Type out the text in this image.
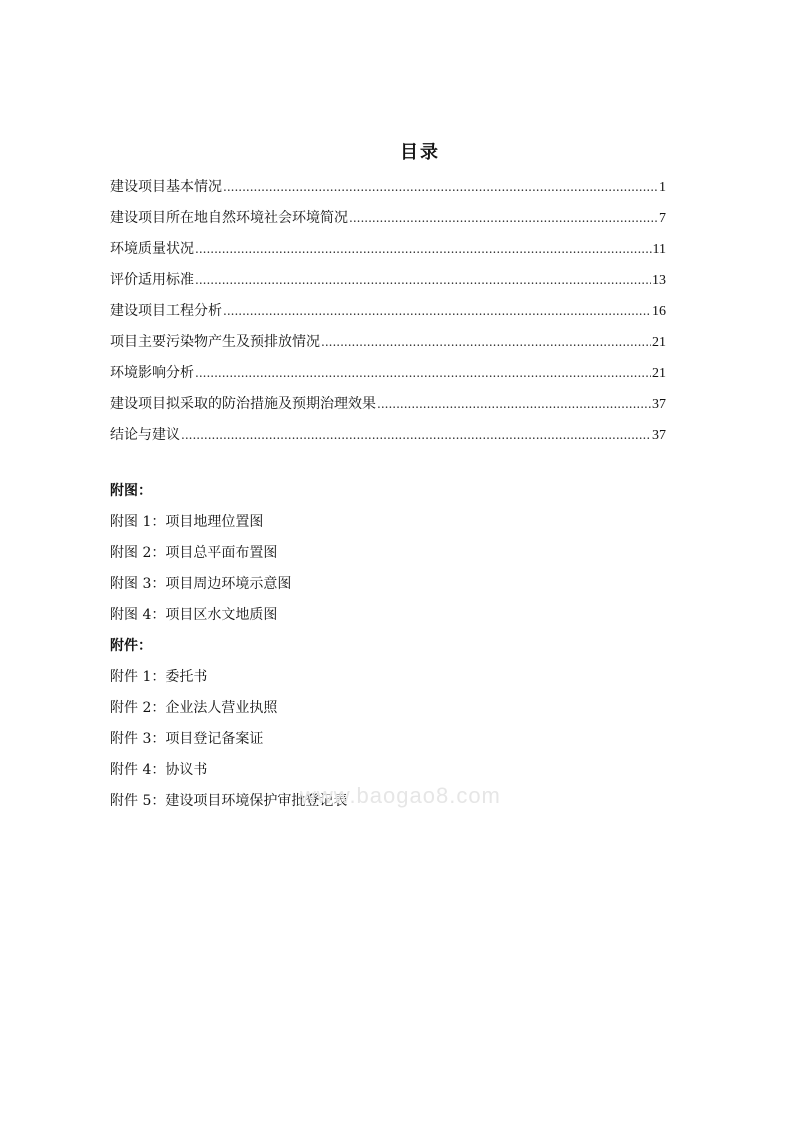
目录
建设项目基本情况 .....	1
建设项目所在地自然环境社会环境简况 .....	7
环境质量状况 .....	11
评价适用标准 .....	13
建设项目工程分析 .....	16
项目主要污染物产生及预排放情况 .....	21
环境影响分析 .....	21
建设项目拟采取的防治措施及预期治理效果 .....	37
结论与建议 .....	37
附图：
附图 1：项目地理位置图
附图 2：项目总平面布置图
附图 3：项目周边环境示意图
附图 4：项目区水文地质图
附件：
附件 1：委托书
附件 2：企业法人营业执照
附件 3：项目登记备案证
附件 4：协议书
附件 5：建设项目环境保护审批登记表
www.baogao8.com
